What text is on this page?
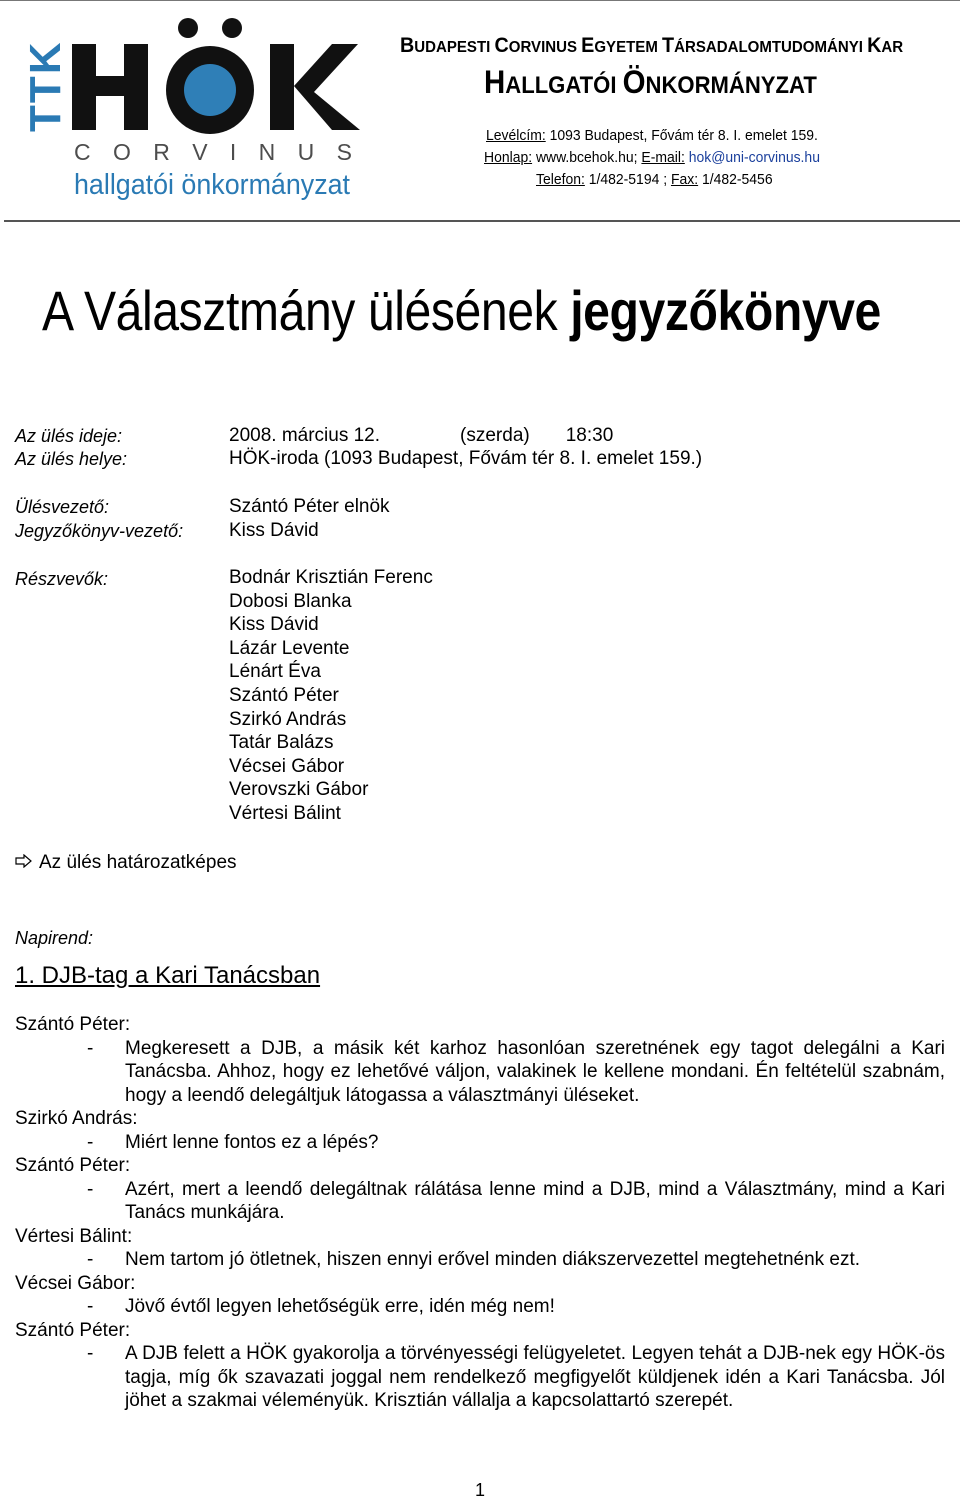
TTK
C O R V I N U S
hallgatói önkormányzat
BUDAPESTI CORVINUS EGYETEM TÁRSADALOMTUDOMÁNYI KAR
HALLGATÓI ÖNKORMÁNYZAT
Levélcím: 1093 Budapest, Fővám tér 8. I. emelet 159.
Honlap: www.bcehok.hu; E-mail: hok@uni-corvinus.hu
Telefon: 1/482-5194 ; Fax: 1/482-5456
A Választmány ülésének jegyzőkönyve
Az ülés ideje:	2008. március 12.	(szerda) 18:30
Az ülés helye:	HÖK-iroda (1093 Budapest, Fővám tér 8. I. emelet 159.)
Ülésvezető:	Szántó Péter elnök
Jegyzőkönyv-vezető: Kiss Dávid
Részvevők:	Bodnár Krisztián Ferenc
Dobosi Blanka
Kiss Dávid
Lázár Levente
Lénárt Éva
Szántó Péter
Szirkó András
Tatár Balázs
Vécsei Gábor
Verovszki Gábor
Vértesi Bálint
Az ülés határozatképes
Napirend:
1. DJB-tag a Kari Tanácsban

Szántó Péter:

- Megkeresett a DJB, a másik két karhoz hasonlóan szeretnének egy tagot delegálni a Kari Tanácsba. Ahhoz, hogy ez lehetővé váljon, valakinek le kellene mondani. Én feltételül szabnám, hogy a leendő delegáltjuk látogassa a választmányi üléseket.

Szirkó András:

- Miért lenne fontos ez a lépés?

Szántó Péter:

- Azért, mert a leendő delegáltnak rálátása lenne mind a DJB, mind a Választmány, mind a Kari Tanács munkájára.

Vértesi Bálint:

- Nem tartom jó ötletnek, hiszen ennyi erővel minden diákszervezettel megtehetnénk ezt.

Vécsei Gábor:

- Jövő évtől legyen lehetőségük erre, idén még nem!

Szántó Péter:

- A DJB felett a HÖK gyakorolja a törvényességi felügyeletet. Legyen tehát a DJB-nek egy HÖK-ös tagja, míg ők szavazati joggal nem rendelkező megfigyelőt küldjenek idén a Kari Tanácsba. Jól jöhet a szakmai véleményük. Krisztián vállalja a kapcsolattartó szerepét.

1
